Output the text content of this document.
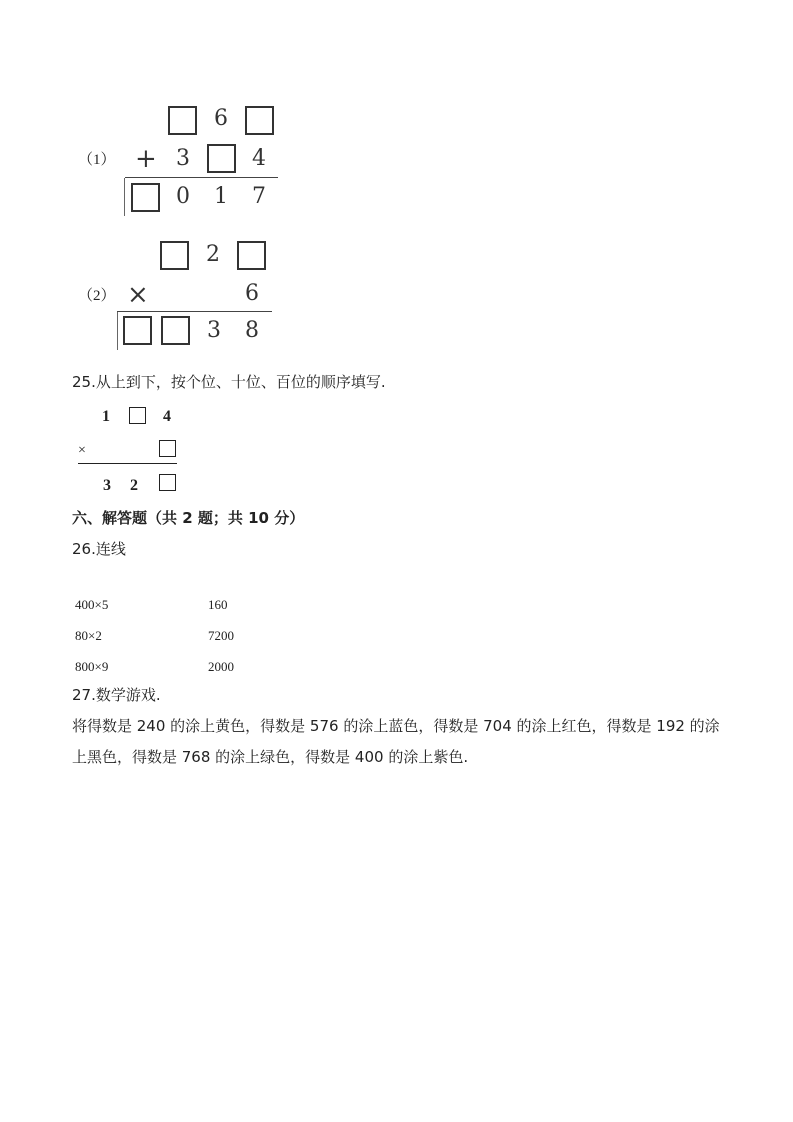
（1）
6
+ 3	4
0 1 7
（2）
2
×	6
3 8
25.从上到下，按个位、十位、百位的顺序填写.
1	4
×
3 2
六、解答题（共 2 题；共 10 分）
26.连线
400×5
80×2
800×9
160
7200
2000
27.数学游戏.
将得数是 240 的涂上黄色，得数是 576 的涂上蓝色，得数是 704 的涂上红色，得数是 192 的涂
上黑色，得数是 768 的涂上绿色，得数是 400 的涂上紫色.
